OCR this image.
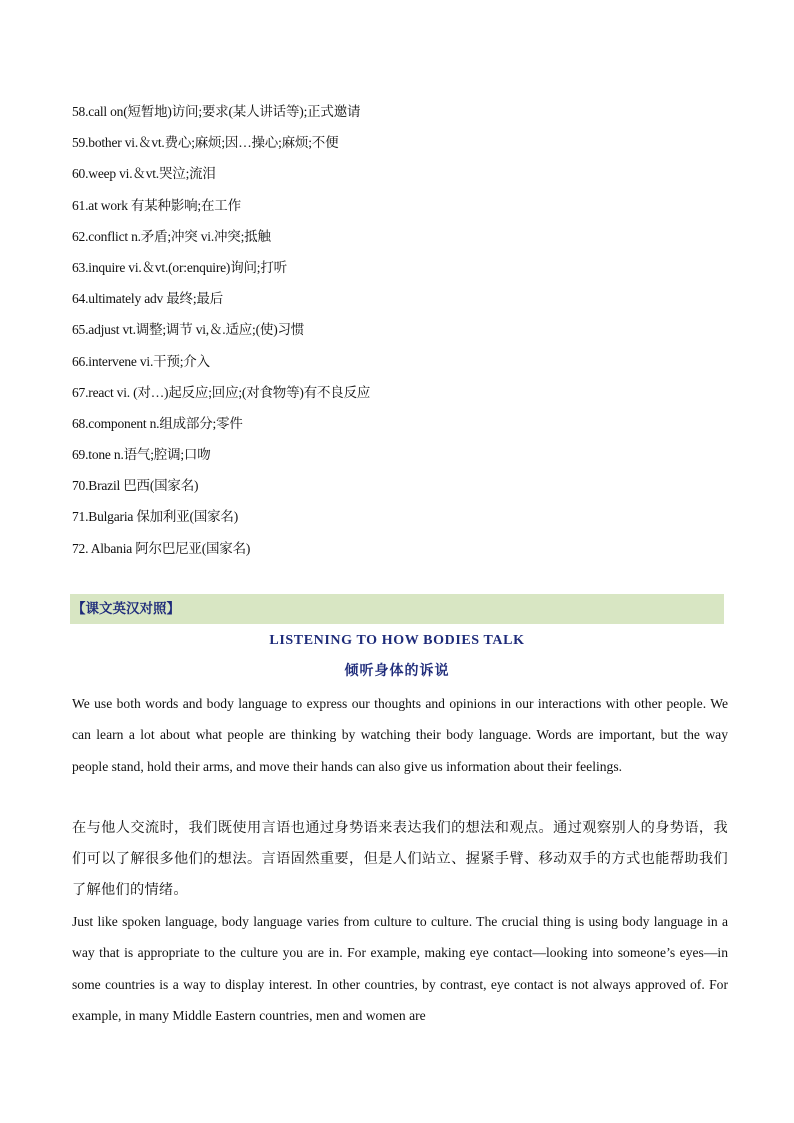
58.call on(短暂地)访问;要求(某人讲话等);正式邀请
59.bother vi.＆vt.费心;麻烦;因…操心;麻烦;不便
60.weep vi.＆vt.哭泣;流泪
61.at work 有某种影响;在工作
62.conflict n.矛盾;冲突 vi.冲突;抵触
63.inquire vi.＆vt.(or:enquire)询问;打听
64.ultimately adv 最终;最后
65.adjust vt.调整;调节 vi,＆.适应;(使)习惯
66.intervene vi.干预;介入
67.react vi. (对…)起反应;回应;(对食物等)有不良反应
68.component n.组成部分;零件
69.tone n.语气;腔调;口吻
70.Brazil 巴西(国家名)
71.Bulgaria 保加利亚(国家名)
72. Albania 阿尔巴尼亚(国家名)
【课文英汉对照】
LISTENING TO HOW BODIES TALK
倾听身体的诉说

We use both words and body language to express our thoughts and opinions in our interactions with other people. We can learn a lot about what people are thinking by watching their body language. Words are important, but the way people stand, hold their arms, and move their hands can also give us information about their feelings.

在与他人交流时，我们既使用言语也通过身势语来表达我们的想法和观点。通过观察别人的身势语，我们可以了解很多他们的想法。言语固然重要，但是人们站立、握紧手臂、移动双手的方式也能帮助我们了解他们的情绪。

Just like spoken language, body language varies from culture to culture. The crucial thing is using body language in a way that is appropriate to the culture you are in. For example, making eye contact—looking into someone’s eyes—in some countries is a way to display interest. In other countries, by contrast, eye contact is not always approved of. For example, in many Middle Eastern countries, men and women are
